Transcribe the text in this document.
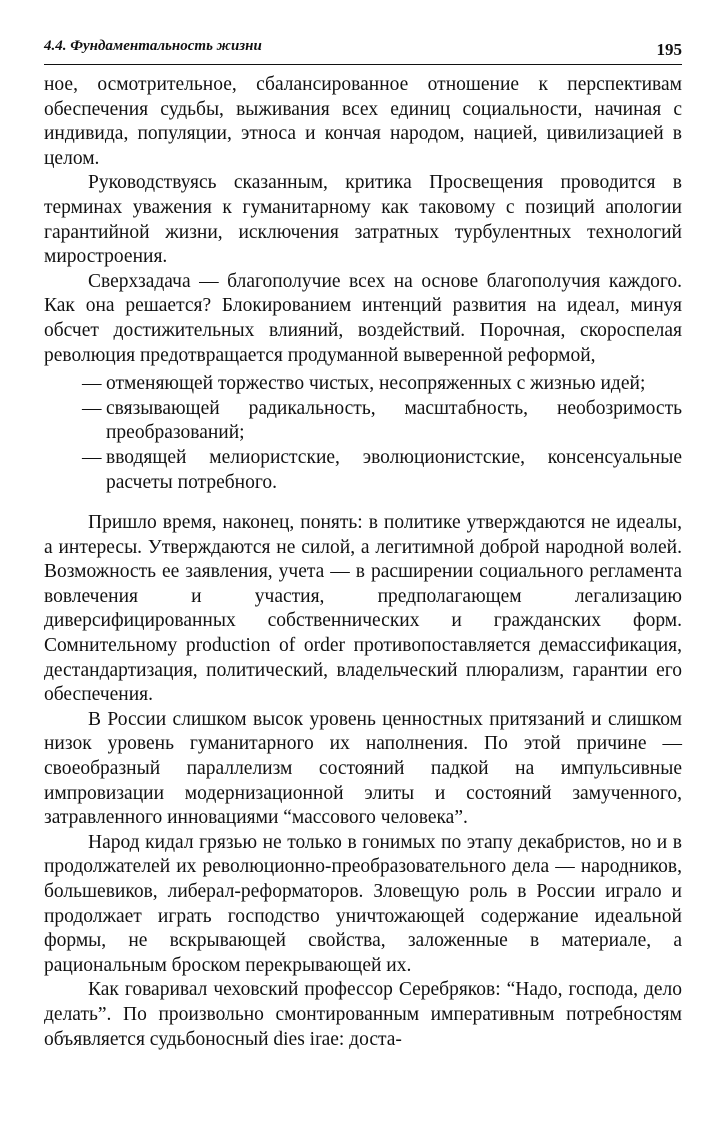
4.4. Фундаментальность жизни	195

ное, осмотрительное, сбалансированное отношение к перспективам обеспечения судьбы, выживания всех единиц социальности, начиная с индивида, популяции, этноса и кончая народом, нацией, цивилизацией в целом.

Руководствуясь сказанным, критика Просвещения проводится в терминах уважения к гуманитарному как таковому с позиций апологии гарантийной жизни, исключения затратных турбулентных технологий миростроения.

Сверхзадача — благополучие всех на основе благополучия каждого. Как она решается? Блокированием интенций развития на идеал, минуя обсчет достижительных влияний, воздействий. Порочная, скороспелая революция предотвращается продуманной выверенной реформой,

— отменяющей торжество чистых, несопряженных с жизнью идей;
— связывающей радикальность, масштабность, необозримость преобразований;
— вводящей мелиористские, эволюционистские, консенсуальные расчеты потребного.

Пришло время, наконец, понять: в политике утверждаются не идеалы, а интересы. Утверждаются не силой, а легитимной доброй народной волей. Возможность ее заявления, учета — в расширении социального регламента вовлечения и участия, предполагающем легализацию диверсифицированных собственнических и гражданских форм. Сомнительному production of order противопоставляется демассификация, дестандартизация, политический, владельческий плюрализм, гарантии его обеспечения.

В России слишком высок уровень ценностных притязаний и слишком низок уровень гуманитарного их наполнения. По этой причине — своеобразный параллелизм состояний падкой на импульсивные импровизации модернизационной элиты и состояний замученного, затравленного инновациями “массового человека”.

Народ кидал грязью не только в гонимых по этапу декабристов, но и в продолжателей их революционно-преобразовательного дела — народников, большевиков, либерал-реформаторов. Зловещую роль в России играло и продолжает играть господство уничтожающей содержание идеальной формы, не вскрывающей свойства, заложенные в материале, а рациональным броском перекрывающей их.

Как говаривал чеховский профессор Серебряков: “Надо, господа, дело делать”. По произвольно смонтированным императивным потребностям объявляется судьбоносный dies irae: доста-
